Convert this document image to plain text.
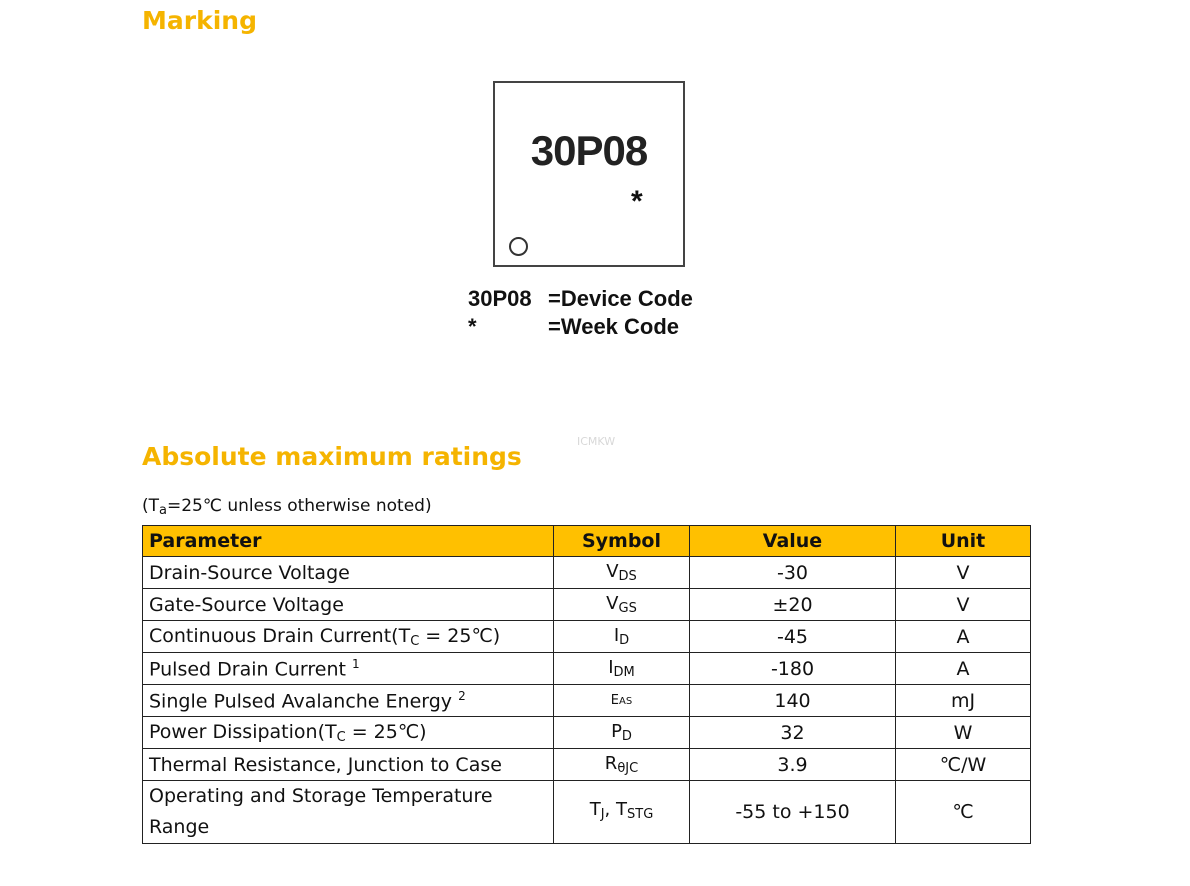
Marking
30P08
*
30P08 =Device Code
*	=Week Code
ICMKW
Absolute maximum ratings
($T_a=25℃$ unless otherwise noted)
Parameter	Symbol	Value	Unit
Drain-Source Voltage	$V_{DS}$	-30	V
Gate-Source Voltage	$V_{GS}$	±20	V
Continuous Drain $Current(T_C$ = 25℃)	$I_D$	-45	A
Pulsed Drain Current $^1$	$I_{DM}$	-180	A
Single Pulsed Avalanche Energy $^2$	EAS	140	mJ
Power $Dissipation(T_C$ = 25℃)	$P_D$	32	W
Thermal Resistance, Junction to Case	$R_{\theta JC}$	3.9	℃/W
Operating and Storage Temperature
Range	$T_J$, $T_{STG}$	-55 to +150	℃
